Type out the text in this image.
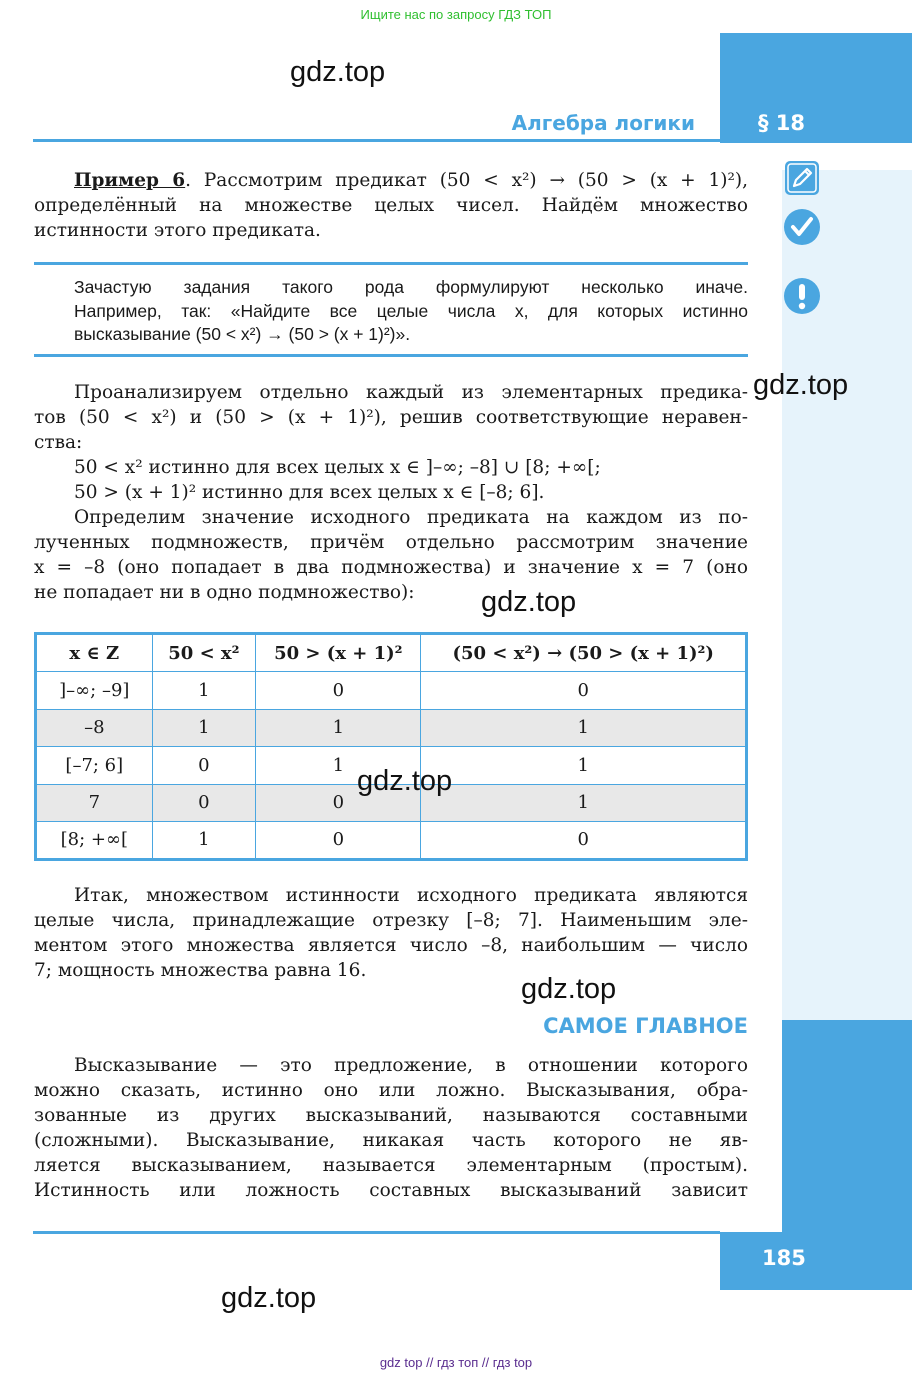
Ищите нас по запросу ГДЗ ТОП
gdz.top
Алгебра логики	§ 18
Пример 6. Рассмотрим предикат (50 < x²) → (50 > (x + 1)²),
определённый на множестве целых чисел. Найдём множество
истинности этого предиката.
Зачастую задания такого рода формулируют несколько иначе.
Например, так: «Найдите все целые числа x, для которых истинно
высказывание (50 < x²) → (50 > (x + 1)²)».
gdz.top
Проанализируем отдельно каждый из элементарных предика-
тов (50 < x²) и (50 > (x + 1)²), решив соответствующие неравен-
ства:
50 < x² истинно для всех целых x ∈ ]–∞; –8] ∪ [8; +∞[;
50 > (x + 1)² истинно для всех целых x ∈ [–8; 6].
Определим значение исходного предиката на каждом из по-
лученных подмножеств, причём отдельно рассмотрим значение
x = –8 (оно попадает в два подмножества) и значение x = 7 (оно
не попадает ни в одно подмножество):	gdz.top
x ∈ Z	50 < x²	50 > (x + 1)²	(50 < x²) → (50 > (x + 1)²)
]–∞; –9]	1	0	0
–8	1	1	1
[–7; 6]	0	1	1
7	0	0	1
[8; +∞[	1	0	0
gdz.top
Итак, множеством истинности исходного предиката являются
целые числа, принадлежащие отрезку [–8; 7]. Наименьшим эле-
ментом этого множества является число –8, наибольшим — число
7; мощность множества равна 16.
gdz.top
САМОЕ ГЛАВНОЕ
Высказывание — это предложение, в отношении которого
можно сказать, истинно оно или ложно. Высказывания, обра-
зованные из других высказываний, называются составными
(сложными). Высказывание, никакая часть которого не яв-
ляется высказыванием, называется элементарным (простым).
Истинность или ложность составных высказываний зависит
185
gdz.top
gdz top // гдз топ // гдз top
